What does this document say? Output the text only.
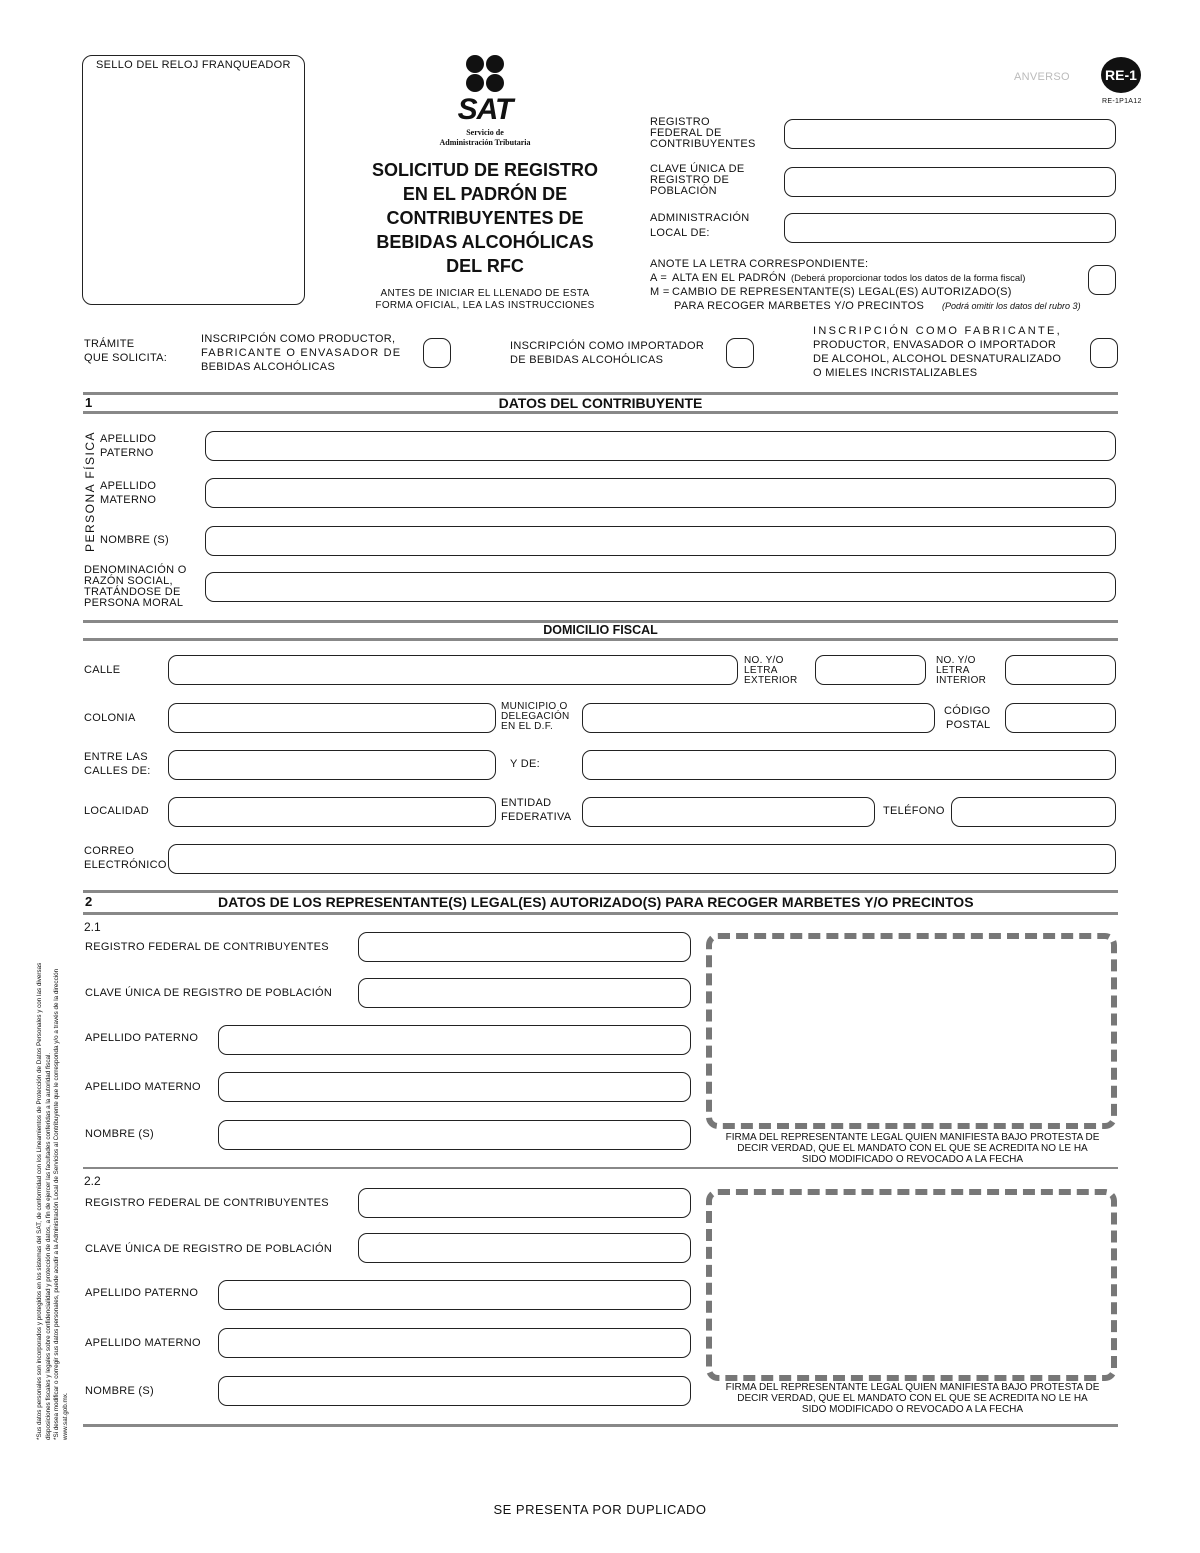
SELLO DEL RELOJ FRANQUEADOR
SAT
Servicio de
Administración Tributaria
SOLICITUD DE REGISTRO
EN EL PADRÓN DE
CONTRIBUYENTES DE
BEBIDAS ALCOHÓLICAS
DEL RFC
ANTES DE INICIAR EL LLENADO DE ESTA
FORMA OFICIAL, LEA LAS INSTRUCCIONES
ANVERSO	RE-1
RE-1P1A12
REGISTRO
FEDERAL DE
CONTRIBUYENTES
CLAVE ÚNICA DE
REGISTRO DE
POBLACIÓN
ADMINISTRACIÓN
LOCAL DE:
ANOTE LA LETRA CORRESPONDIENTE:
A = ALTA EN EL PADRÓN (Deberá proporcionar todos los datos de la forma fiscal)
M = CAMBIO DE REPRESENTANTE(S) LEGAL(ES) AUTORIZADO(S)
PARA RECOGER MARBETES Y/O PRECINTOS (Podrá omitir los datos del rubro 3)
TRÁMITE
QUE SOLICITA:
INSCRIPCIÓN COMO PRODUCTOR,
FABRICANTE O ENVASADOR DE
BEBIDAS ALCOHÓLICAS
INSCRIPCIÓN COMO IMPORTADOR
DE BEBIDAS ALCOHÓLICAS
INSCRIPCIÓN COMO FABRICANTE,
PRODUCTOR, ENVASADOR O IMPORTADOR
DE ALCOHOL, ALCOHOL DESNATURALIZADO
O MIELES INCRISTALIZABLES
1	DATOS DEL CONTRIBUYENTE
PERSONA FÍSICA APELLIDO
PATERNO
APELLIDO
MATERNO
NOMBRE (S)
DENOMINACIÓN O
RAZÓN SOCIAL,
TRATÁNDOSE DE
PERSONA MORAL
DOMICILIO FISCAL
CALLE
NO. Y/O
LETRA
EXTERIOR
NO. Y/O
LETRA
INTERIOR
COLONIA
MUNICIPIO O
DELEGACIÓN
EN EL D.F.
CÓDIGO
POSTAL
ENTRE LAS
CALLES DE:
Y DE:
LOCALIDAD
ENTIDAD
FEDERATIVA	TELÉFONO
CORREO
ELECTRÓNICO
2	DATOS DE LOS REPRESENTANTE(S) LEGAL(ES) AUTORIZADO(S) PARA RECOGER MARBETES Y/O PRECINTOS
2.1
REGISTRO FEDERAL DE CONTRIBUYENTES
CLAVE ÚNICA DE REGISTRO DE POBLACIÓN
APELLIDO PATERNO
APELLIDO MATERNO
NOMBRE (S)	FIRMA DEL REPRESENTANTE LEGAL QUIEN MANIFIESTA BAJO PROTESTA DE
DECIR VERDAD, QUE EL MANDATO CON EL QUE SE ACREDITA NO LE HA
SIDO MODIFICADO O REVOCADO A LA FECHA
2.2
REGISTRO FEDERAL DE CONTRIBUYENTES
CLAVE ÚNICA DE REGISTRO DE POBLACIÓN
APELLIDO PATERNO
APELLIDO MATERNO
NOMBRE (S)	FIRMA DEL REPRESENTANTE LEGAL QUIEN MANIFIESTA BAJO PROTESTA DE
DECIR VERDAD, QUE EL MANDATO CON EL QUE SE ACREDITA NO LE HA
SIDO MODIFICADO O REVOCADO A LA FECHA
*Sus datos personales son incorporados y protegidos en los sistemas del SAT, de conformidad con los Lineamientos de Protección de Datos Personales y con las diversas disposiciones fiscales y legales sobre confidencialidad y protección de datos, a fin de ejercer las facultades conferidas a la autoridad fiscal. *Si desea modificar o corregir sus datos personales, puede acudir a la Administración Local de Servicios al Contribuyente que le corresponda y/o a través de la dirección www.sat.gob.mx.
SE PRESENTA POR DUPLICADO
